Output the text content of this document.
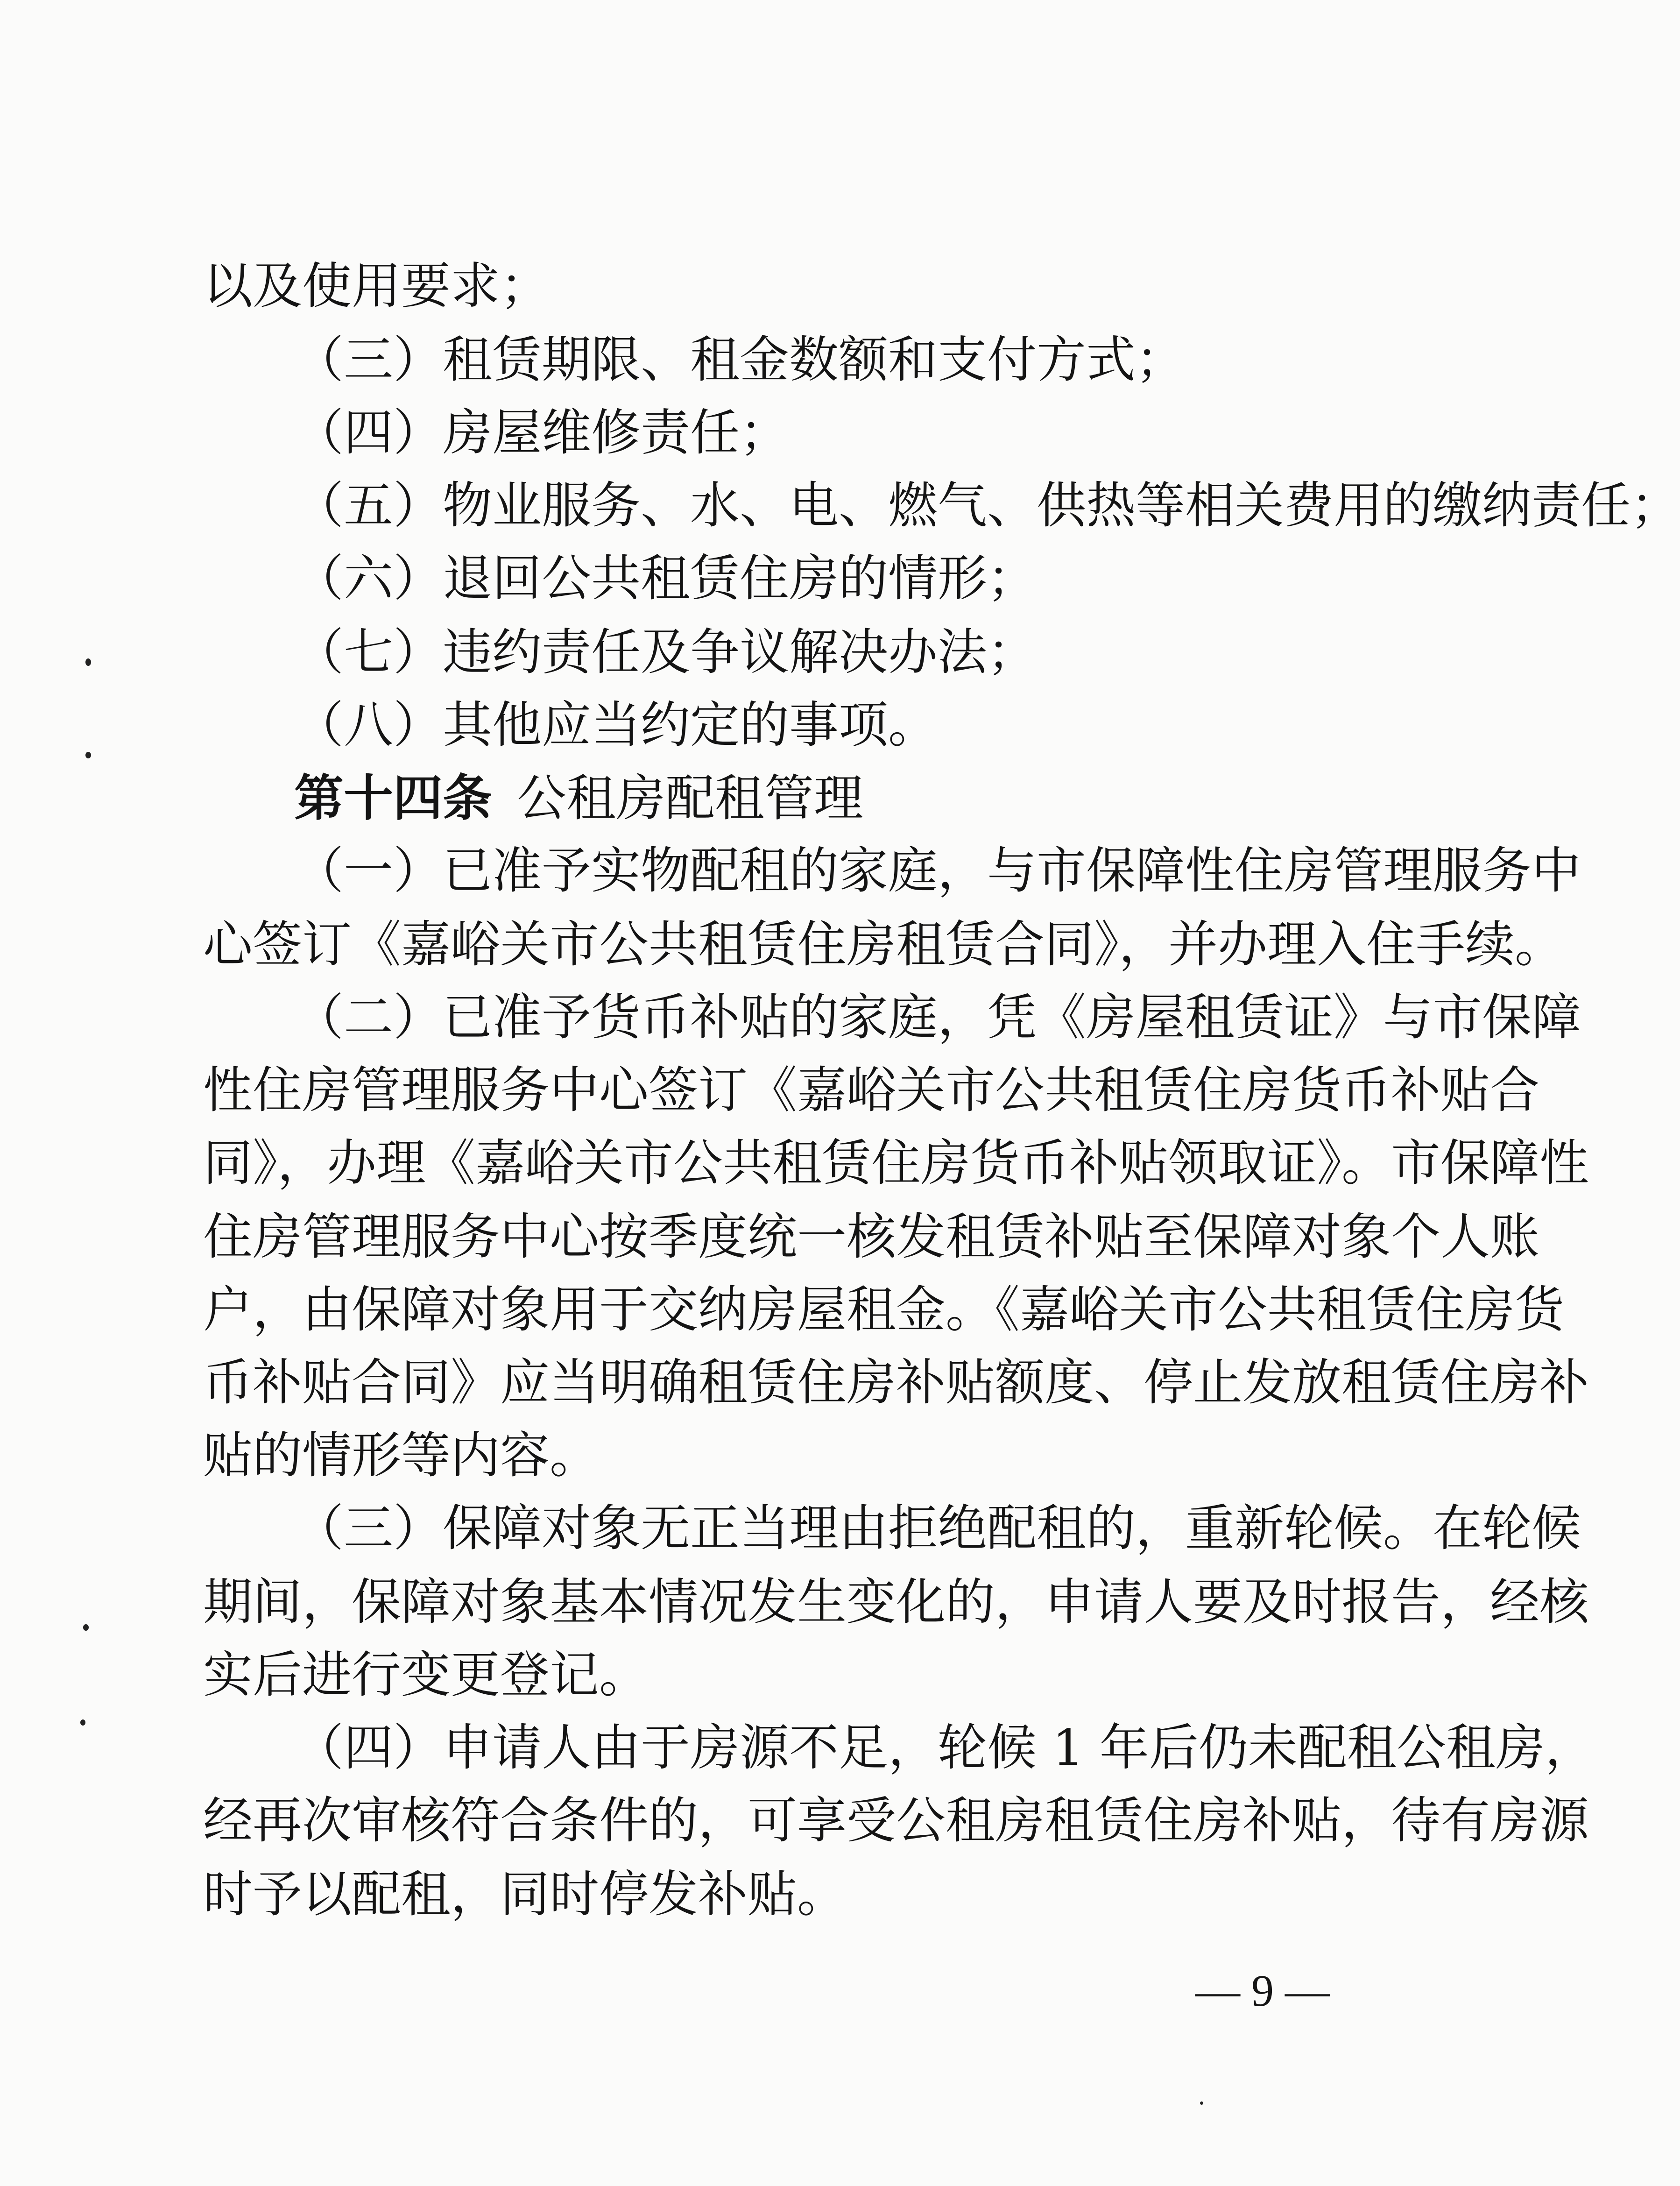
以及使用要求；
（三）租赁期限、租金数额和支付方式；
（四）房屋维修责任；
（五）物业服务、水、电、燃气、供热等相关费用的缴纳责任；
（六）退回公共租赁住房的情形；
（七）违约责任及争议解决办法；
（八）其他应当约定的事项。
第十四条  公租房配租管理
（一）已准予实物配租的家庭，与市保障性住房管理服务中
心签订《嘉峪关市公共租赁住房租赁合同》，并办理入住手续。
（二）已准予货币补贴的家庭，凭《房屋租赁证》与市保障
性住房管理服务中心签订《嘉峪关市公共租赁住房货币补贴合
同》，办理《嘉峪关市公共租赁住房货币补贴领取证》。市保障性
住房管理服务中心按季度统一核发租赁补贴至保障对象个人账
户，由保障对象用于交纳房屋租金。《嘉峪关市公共租赁住房货
币补贴合同》应当明确租赁住房补贴额度、停止发放租赁住房补
贴的情形等内容。
（三）保障对象无正当理由拒绝配租的，重新轮候。在轮候
期间，保障对象基本情况发生变化的，申请人要及时报告，经核
实后进行变更登记。
（四）申请人由于房源不足，轮候 1 年后仍未配租公租房，
经再次审核符合条件的，可享受公租房租赁住房补贴，待有房源
时予以配租，同时停发补贴。
— 9 —
